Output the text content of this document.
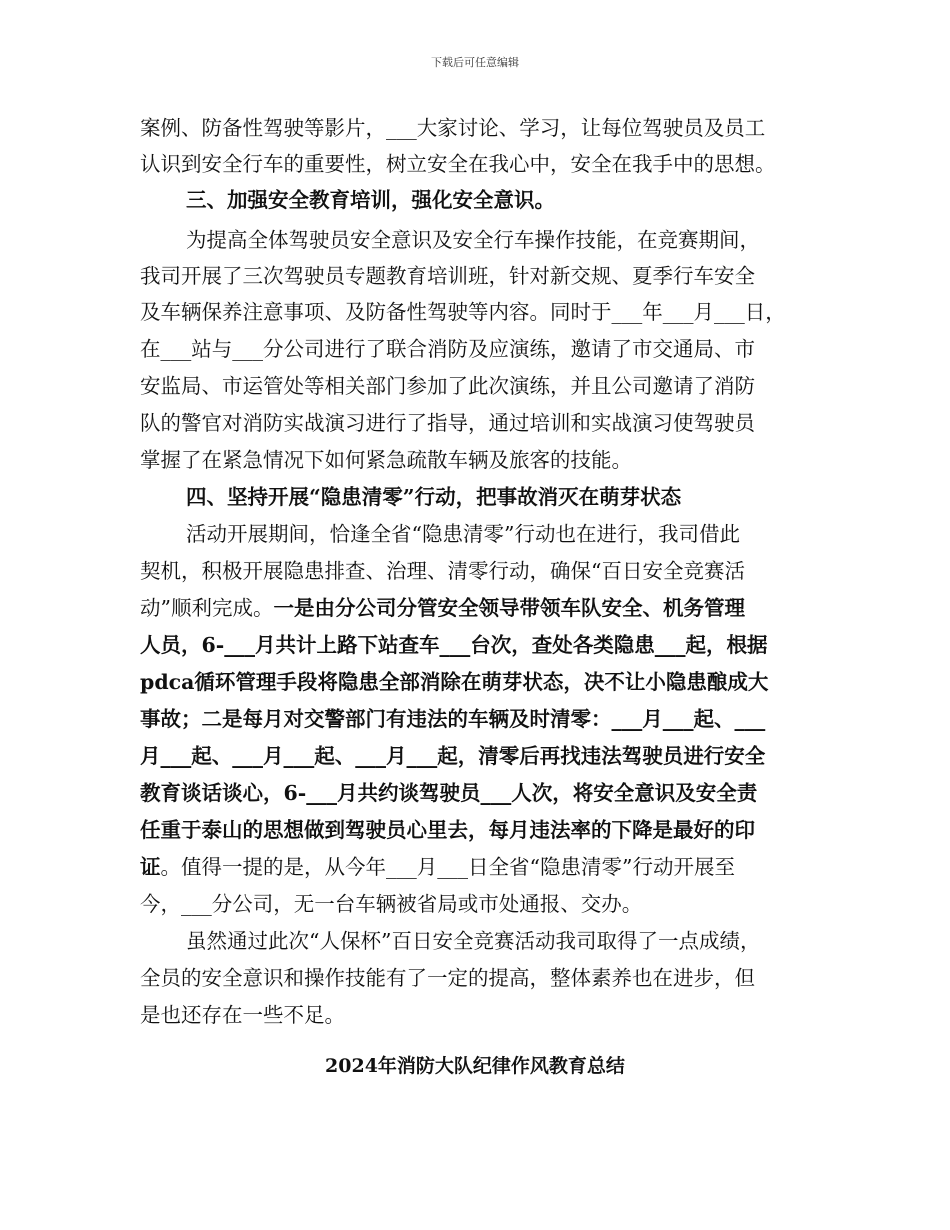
下载后可任意编辑
案例、防备性驾驶等影片，___大家讨论、学习，让每位驾驶员及员工
认识到安全行车的重要性，树立安全在我心中，安全在我手中的思想。
三、加强安全教育培训，强化安全意识。
为提高全体驾驶员安全意识及安全行车操作技能，在竞赛期间，
我司开展了三次驾驶员专题教育培训班，针对新交规、夏季行车安全
及车辆保养注意事项、及防备性驾驶等内容。同时于___年___月___日，
在___站与___分公司进行了联合消防及应演练，邀请了市交通局、市
安监局、市运管处等相关部门参加了此次演练，并且公司邀请了消防
队的警官对消防实战演习进行了指导，通过培训和实战演习使驾驶员
掌握了在紧急情况下如何紧急疏散车辆及旅客的技能。
四、坚持开展“隐患清零”行动，把事故消灭在萌芽状态
活动开展期间，恰逢全省“隐患清零”行动也在进行，我司借此
契机，积极开展隐患排查、治理、清零行动，确保“百日安全竞赛活
动”顺利完成。一是由分公司分管安全领导带领车队安全、机务管理
人员，6-___月共计上路下站查车___台次，查处各类隐患___起，根据
pdca循环管理手段将隐患全部消除在萌芽状态，决不让小隐患酿成大
事故；二是每月对交警部门有违法的车辆及时清零：___月___起、___
月___起、___月___起、___月___起，清零后再找违法驾驶员进行安全
教育谈话谈心，6-___月共约谈驾驶员___人次，将安全意识及安全责
任重于泰山的思想做到驾驶员心里去，每月违法率的下降是最好的印
证。值得一提的是，从今年___月___日全省“隐患清零”行动开展至
今，___分公司，无一台车辆被省局或市处通报、交办。
虽然通过此次“人保杯”百日安全竞赛活动我司取得了一点成绩，
全员的安全意识和操作技能有了一定的提高，整体素养也在进步，但
是也还存在一些不足。
2024年消防大队纪律作风教育总结
